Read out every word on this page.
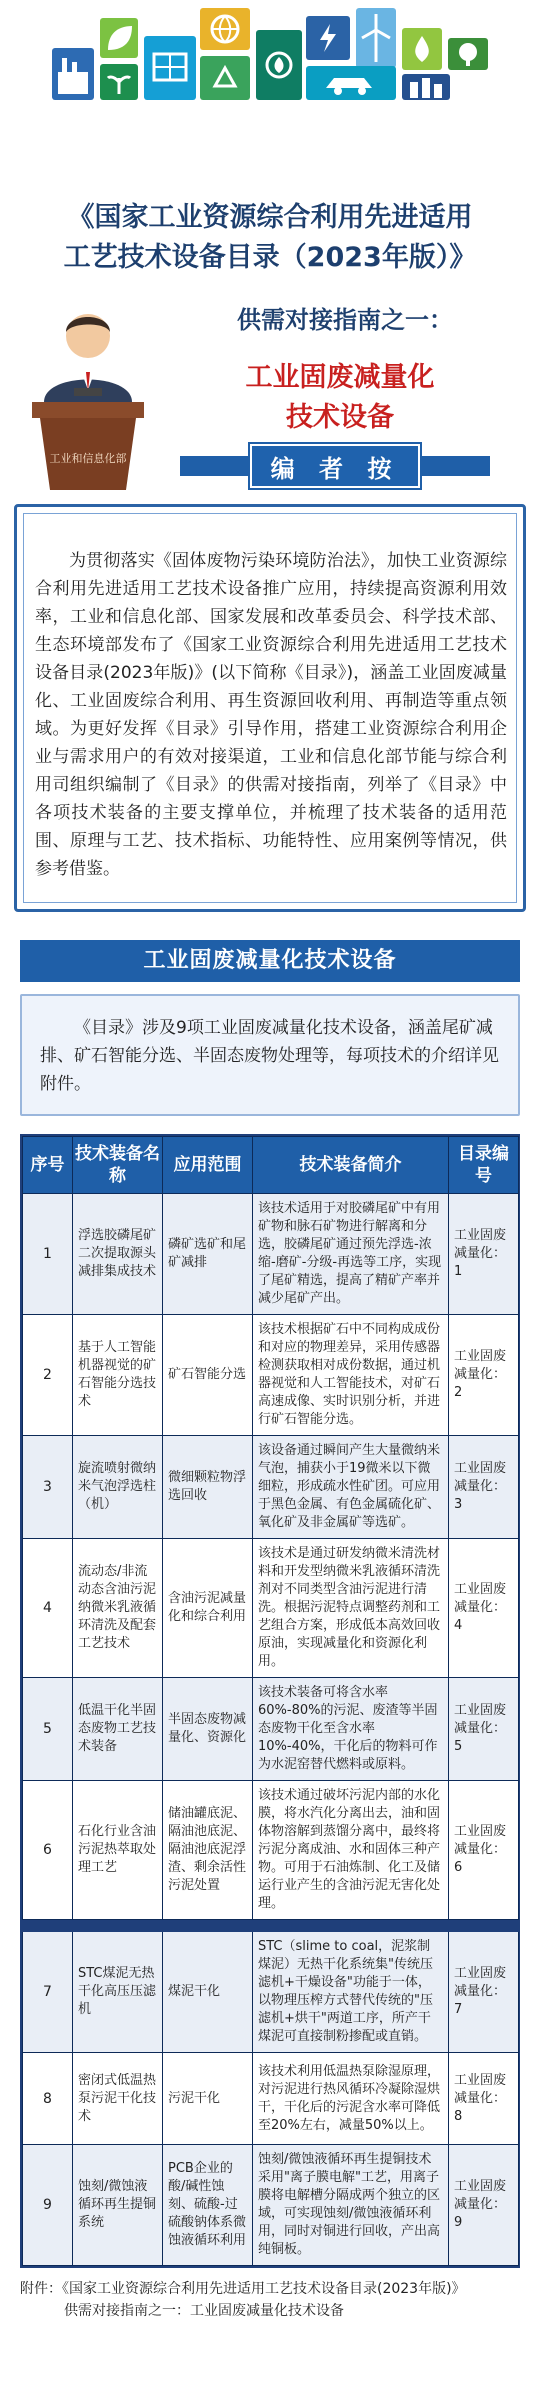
《国家工业资源综合利用先进适用
工艺技术设备目录（2023年版）》
工业和信息化部
供需对接指南之一：
工业固废减量化
技术设备
编 者 按

为贯彻落实《固体废物污染环境防治法》，加快工业资源综合利用先进适用工艺技术设备推广应用，持续提高资源利用效率，工业和信息化部、国家发展和改革委员会、科学技术部、生态环境部发布了《国家工业资源综合利用先进适用工艺技术设备目录(2023年版)》(以下简称《目录》)，涵盖工业固废减量化、工业固废综合利用、再生资源回收利用、再制造等重点领域。为更好发挥《目录》引导作用，搭建工业资源综合利用企业与需求用户的有效对接渠道，工业和信息化部节能与综合利用司组织编制了《目录》的供需对接指南，列举了《目录》中各项技术装备的主要支撑单位，并梳理了技术装备的适用范围、原理与工艺、技术指标、功能特性、应用案例等情况，供参考借鉴。

工业固废减量化技术设备

《目录》涉及9项工业固废减量化技术设备，涵盖尾矿减排、矿石智能分选、半固态废物处理等，每项技术的介绍详见附件。

序号	技术装备名称	应用范围	技术装备简介	目录编号
1	浮选胶磷尾矿二次提取源头减排集成技术	磷矿选矿和尾矿减排	该技术适用于对胶磷尾矿中有用矿物和脉石矿物进行解离和分选，胶磷尾矿通过预先浮选-浓缩-磨矿-分级-再选等工序，实现了尾矿精选，提高了精矿产率并减少尾矿产出。	工业固废减量化：1
2	基于人工智能机器视觉的矿石智能分选技术	矿石智能分选	该技术根据矿石中不同构成成份和对应的物理差异，采用传感器检测获取相对成份数据，通过机器视觉和人工智能技术，对矿石高速成像、实时识别分析，并进行矿石智能分选。	工业固废减量化：2
3	旋流喷射微纳米气泡浮选柱（机）	微细颗粒物浮选回收	该设备通过瞬间产生大量微纳米气泡，捕获小于19微米以下微细粒，形成疏水性矿团。可应用于黑色金属、有色金属硫化矿、氧化矿及非金属矿等选矿。	工业固废减量化：3
4	流动态/非流动态含油污泥纳微米乳液循环清洗及配套工艺技术	含油污泥减量化和综合利用	该技术是通过研发纳微米清洗材料和开发型纳微米乳液循环清洗剂对不同类型含油污泥进行清洗。根据污泥特点调整药剂和工艺组合方案，形成低本高效回收原油，实现减量化和资源化利用。	工业固废减量化：4
5	低温干化半固态废物工艺技术装备	半固态废物减量化、资源化	该技术装备可将含水率60%-80%的污泥、废渣等半固态废物干化至含水率10%-40%，干化后的物料可作为水泥窑替代燃料或原料。	工业固废减量化：5
6	石化行业含油污泥热萃取处理工艺	储油罐底泥、隔油池底泥、隔油池底泥浮渣、剩余活性污泥处置	该技术通过破坏污泥内部的水化膜，将水汽化分离出去，油和固体物溶解到蒸馏分离中，最终将污泥分离成油、水和固体三种产物。可用于石油炼制、化工及储运行业产生的含油污泥无害化处理。	工业固废减量化：6

7	STC煤泥无热干化高压压滤机	煤泥干化	STC（slime to coal，泥浆制煤泥）无热干化系统集"传统压滤机+干燥设备"功能于一体，以物理压榨方式替代传统的"压滤机+烘干"两道工序，所产干煤泥可直接制粉掺配或直销。	工业固废减量化：7
8	密闭式低温热泵污泥干化技术	污泥干化	该技术利用低温热泵除湿原理，对污泥进行热风循环冷凝除湿烘干，干化后的污泥含水率可降低至20%左右，减量50%以上。	工业固废减量化：8
9	蚀刻/微蚀液循环再生提铜系统	PCB企业的酸/碱性蚀刻、硫酸-过硫酸钠体系微蚀液循环利用	蚀刻/微蚀液循环再生提铜技术采用"离子膜电解"工艺，用离子膜将电解槽分隔成两个独立的区域，可实现蚀刻/微蚀液循环利用，同时对铜进行回收，产出高纯铜板。	工业固废减量化：9
附件：《国家工业资源综合利用先进适用工艺技术设备目录(2023年版)》
供需对接指南之一：工业固废减量化技术设备
